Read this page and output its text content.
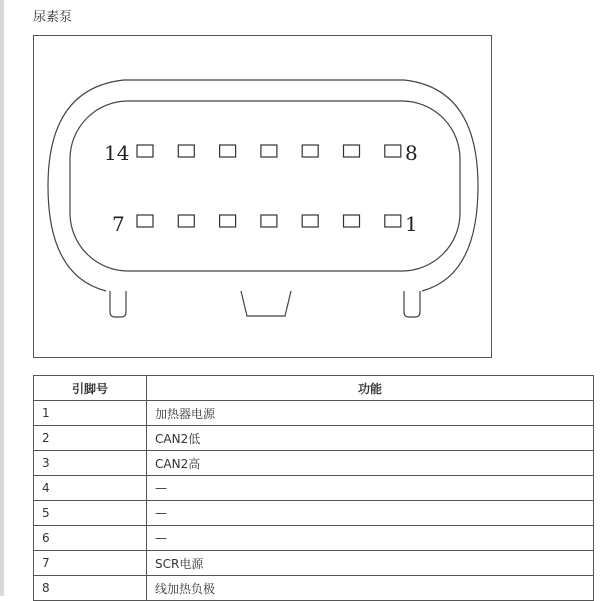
尿素泵
14	8
7	1
引脚号	功能
1	加热器电源
2	CAN2低
3	CAN2高
4	—
5	—
6	—
7	SCR电源
8	线加热负极
